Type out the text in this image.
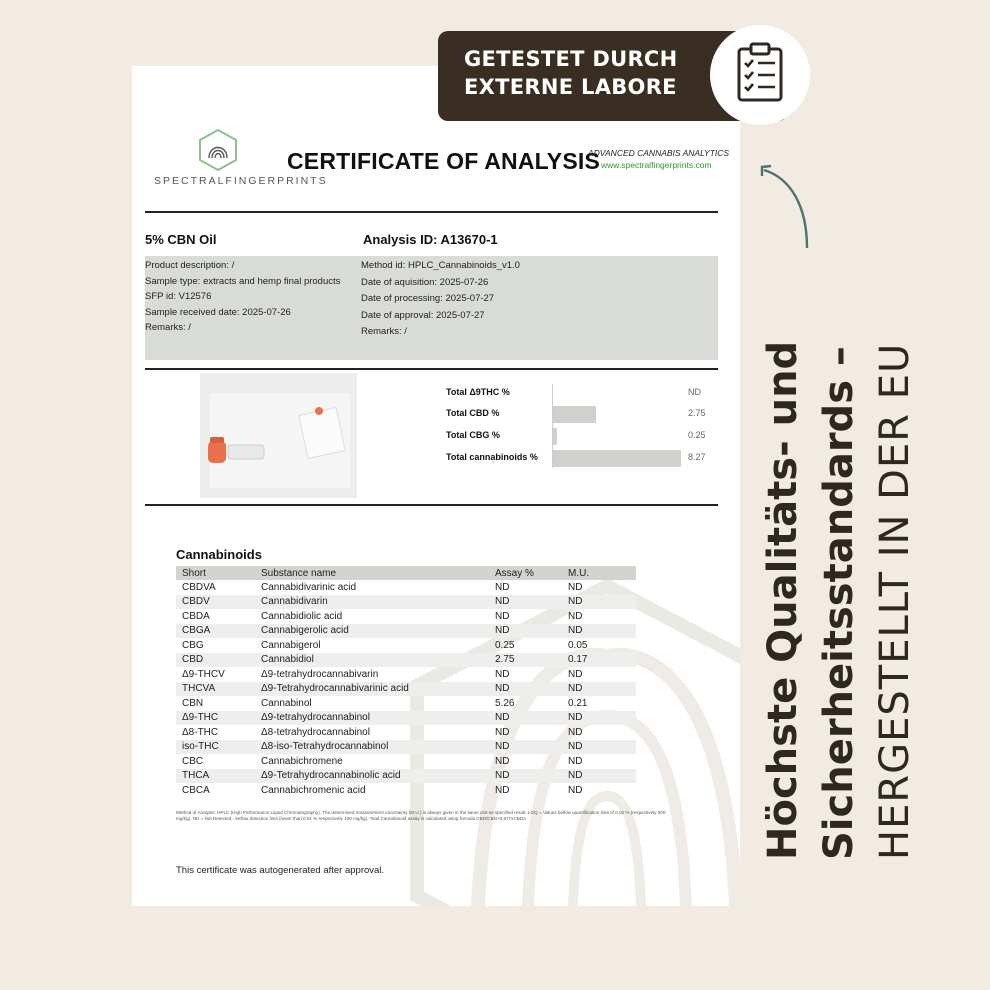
SPECTRALFINGERPRINTS
CERTIFICATE OF ANALYSIS
ADVANCED CANNABIS ANALYTICS
www.spectralfingerprints.com
5% CBN Oil	Analysis ID: A13670-1
Product description: /
Sample type: extracts and hemp final products
SFP id: V12576
Sample received date: 2025-07-26
Remarks: /
Method id: HPLC_Cannabinoids_v1.0
Date of aquisition: 2025-07-26
Date of processing: 2025-07-27
Date of approval: 2025-07-27
Remarks: /
Total Δ9THC %	ND
Total CBD %	2.75
Total CBG %	0.25
Total cannabinoids %	8.27
Cannabinoids
Short	Substance name	Assay %	M.U.
CBDVA	Cannabidivarinic acid	ND	ND
CBDV	Cannabidivarin	ND	ND
CBDA	Cannabidiolic acid	ND	ND
CBGA	Cannabigerolic acid	ND	ND
CBG	Cannabigerol	0.25	0.05
CBD	Cannabidiol	2.75	0.17
Δ9-THCV	Δ9-tetrahydrocannabivarin	ND	ND
THCVA	Δ9-Tetrahydrocannabivarinic acid	ND	ND
CBN	Cannabinol	5.26	0.21
Δ9-THC	Δ9-tetrahydrocannabinol	ND	ND
Δ8-THC	Δ8-tetrahydrocannabinol	ND	ND
iso-THC	Δ8-iso-Tetrahydrocannabinol	ND	ND
CBC	Cannabichromene	ND	ND
THCA	Δ9-Tetrahydrocannabinolic acid	ND	ND
CBCA	Cannabichromenic acid	ND	ND
Method of Analysis: HPLC (High Performance Liquid Chromatography). The determined measurement uncertainty (M.U.) is always given in the same unit as specified result. LOQ = Values bellow quantification limit of 0.02 % (respectively 200 mg/kg). ND = Not Detected - bellow detection limit (lower than 0.01 % respectively 100 mg/kg). Total Cannabinoid assay is calculated using formula CBD/CBN+0.877xCBDA
This certificate was autogenerated after approval.
GETESTET DURCH
EXTERNE LABORE
Höchste Qualitäts- und Sicherheitsstandards – HERGESTELLT IN DER EU
